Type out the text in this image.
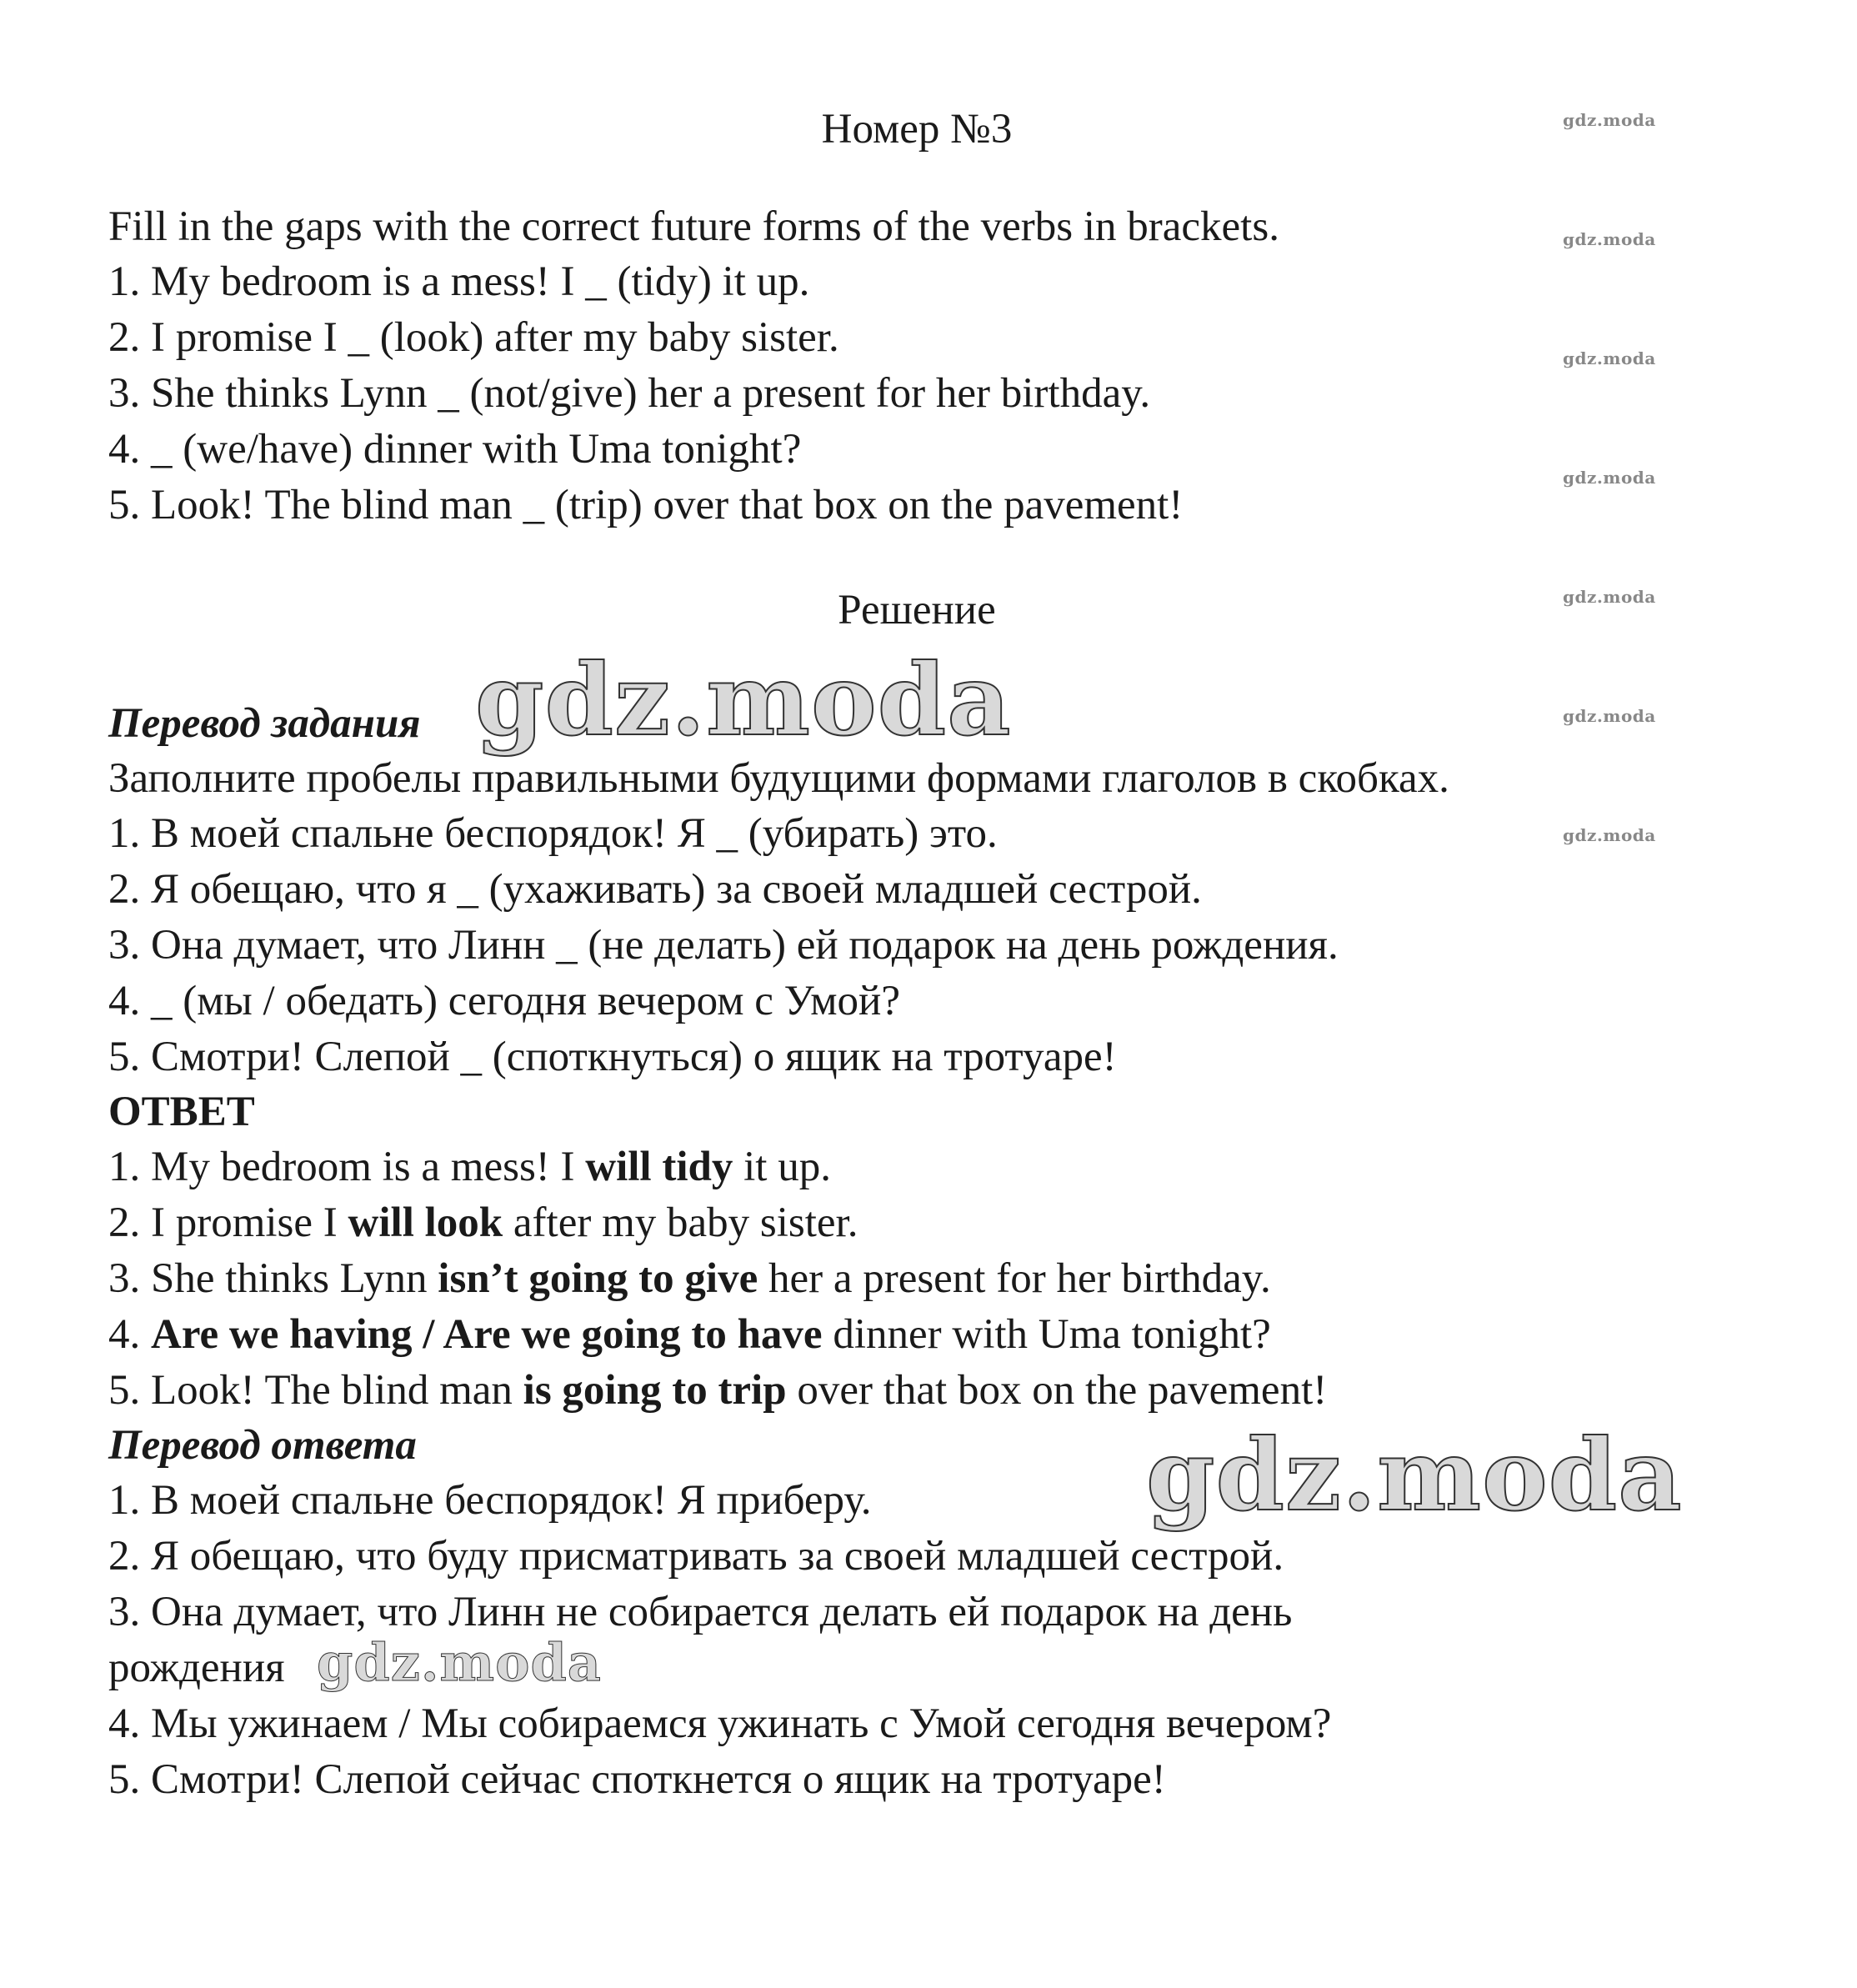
Номер №3
Fill in the gaps with the correct future forms of the verbs in brackets.
1. My bedroom is a mess! I _ (tidy) it up.
2. I promise I _ (look) after my baby sister.
3. She thinks Lynn _ (not/give) her a present for her birthday.
4. _ (we/have) dinner with Uma tonight?
5. Look! The blind man _ (trip) over that box on the pavement!
Решение
Перевод задания
Заполните пробелы правильными будущими формами глаголов в скобках.
1. В моей спальне беспорядок! Я _ (убирать) это.
2. Я обещаю, что я _ (ухаживать) за своей младшей сестрой.
3. Она думает, что Линн _ (не делать) ей подарок на день рождения.
4. _ (мы / обедать) сегодня вечером с Умой?
5. Смотри! Слепой _ (споткнуться) о ящик на тротуаре!
ОТВЕТ
1. My bedroom is a mess! I will tidy it up.
2. I promise I will look after my baby sister.
3. She thinks Lynn isn’t going to give her a present for her birthday.
4. Are we having / Are we going to have dinner with Uma tonight?
5. Look! The blind man is going to trip over that box on the pavement!
Перевод ответа
1. В моей спальне беспорядок! Я приберу.
2. Я обещаю, что буду присматривать за своей младшей сестрой.
3. Она думает, что Линн не собирается делать ей подарок на день
рождения
4. Мы ужинаем / Мы собираемся ужинать с Умой сегодня вечером?
5. Смотри! Слепой сейчас споткнется о ящик на тротуаре!
gdz.moda
gdz.moda
gdz.moda
gdz.moda
gdz.moda
gdz.moda
gdz.moda
gdz.moda
gdz.moda
gdz.moda
